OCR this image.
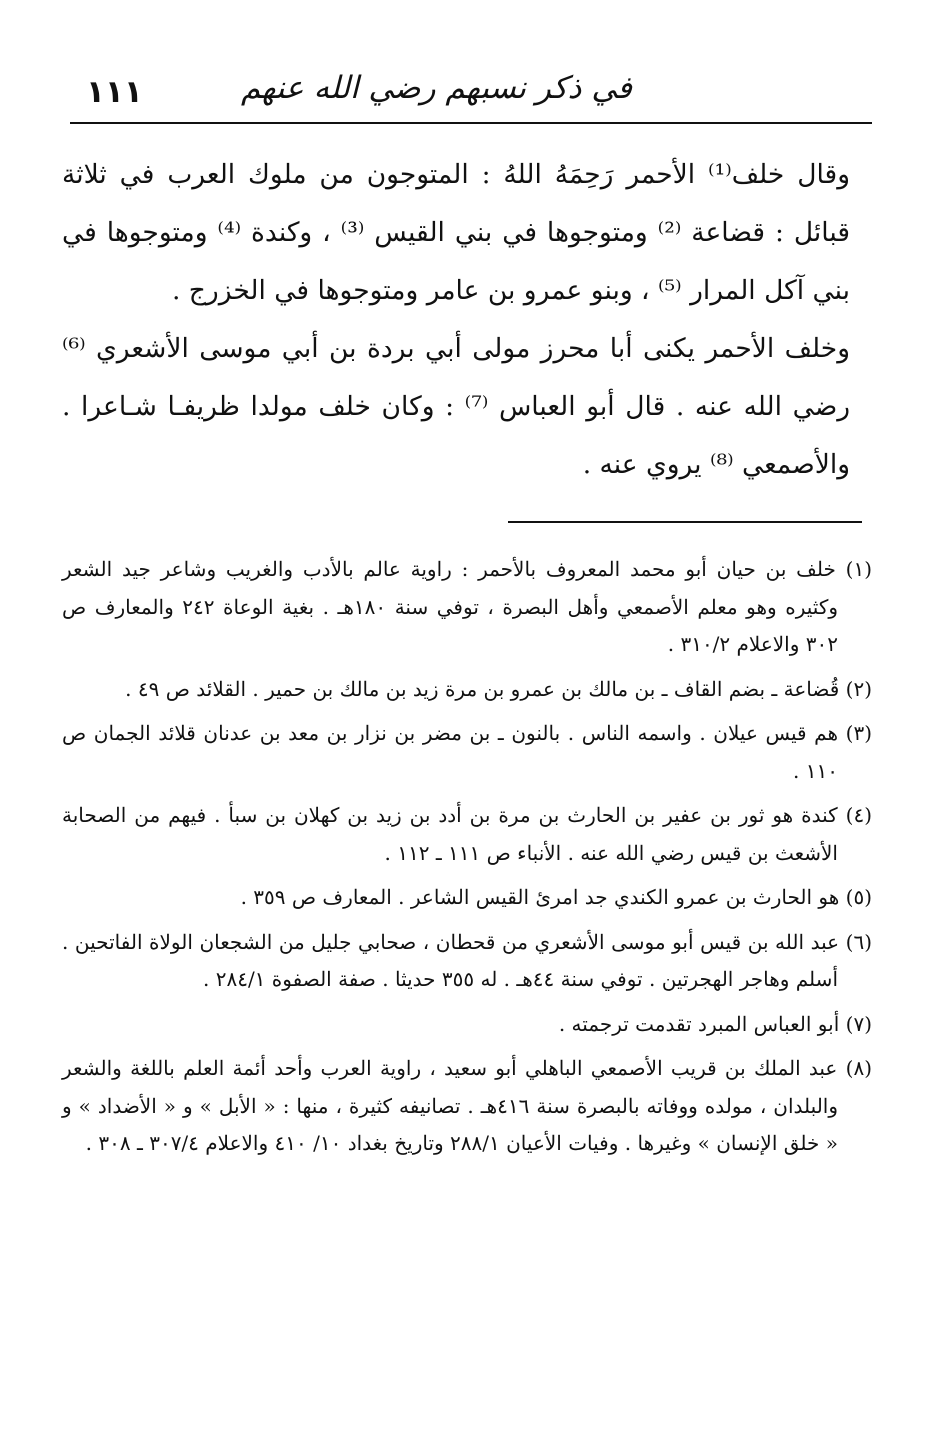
في ذكر نسبهم رضي الله عنهم
١١١

وقال خلف⁽¹⁾ الأحمر رَحِمَهُ اللهُ : المتوجون من ملوك العرب في ثلاثة قبائل : قضاعة ⁽²⁾ ومتوجوها في بني القيس ⁽³⁾ ، وكندة ⁽⁴⁾ ومتوجوها في بني آكل المرار ⁽⁵⁾ ، وبنو عمرو بن عامر ومتوجوها في الخزرج .

وخلف الأحمر يكنى أبا محرز مولى أبي بردة بن أبي موسى الأشعري ⁽⁶⁾ رضي الله عنه . قال أبو العباس ⁽⁷⁾ : وكان خلف مولدا ظريفـا شـاعرا . والأصمعي ⁽⁸⁾ يروي عنه .

(١) خلف بن حيان أبو محمد المعروف بالأحمر : راوية عالم بالأدب والغريب وشاعر جيد الشعر وكثيره وهو معلم الأصمعي وأهل البصرة ، توفي سنة ١٨٠هـ . بغية الوعاة ٢٤٢ والمعارف ص ٣٠٢ والاعلام ٣١٠/٢ .

(٢) قُضاعة ـ بضم القاف ـ بن مالك بن عمرو بن مرة زيد بن مالك بن حمير . القلائد ص ٤٩ .

(٣) هم قيس عيلان . واسمه الناس . بالنون ـ بن مضر بن نزار بن معد بن عدنان قلائد الجمان ص ١١٠ .

(٤) كندة هو ثور بن عفير بن الحارث بن مرة بن أدد بن زيد بن كهلان بن سبأ . فيهم من الصحابة الأشعث بن قيس رضي الله عنه . الأنباء ص ١١١ ـ ١١٢ .

(٥) هو الحارث بن عمرو الكندي جد امرئ القيس الشاعر . المعارف ص ٣٥٩ .

(٦) عبد الله بن قيس أبو موسى الأشعري من قحطان ، صحابي جليل من الشجعان الولاة الفاتحين . أسلم وهاجر الهجرتين . توفي سنة ٤٤هـ . له ٣٥٥ حديثا . صفة الصفوة ٢٨٤/١ .

(٧) أبو العباس المبرد تقدمت ترجمته .

(٨) عبد الملك بن قريب الأصمعي الباهلي أبو سعيد ، راوية العرب وأحد أئمة العلم باللغة والشعر والبلدان ، مولده ووفاته بالبصرة سنة ٤١٦هـ . تصانيفه كثيرة ، منها : « الأبل » و « الأضداد » و « خلق الإنسان » وغيرها . وفيات الأعيان ٢٨٨/١ وتاريخ بغداد ١٠/ ٤١٠ والاعلام ٣٠٧/٤ ـ ٣٠٨ .
